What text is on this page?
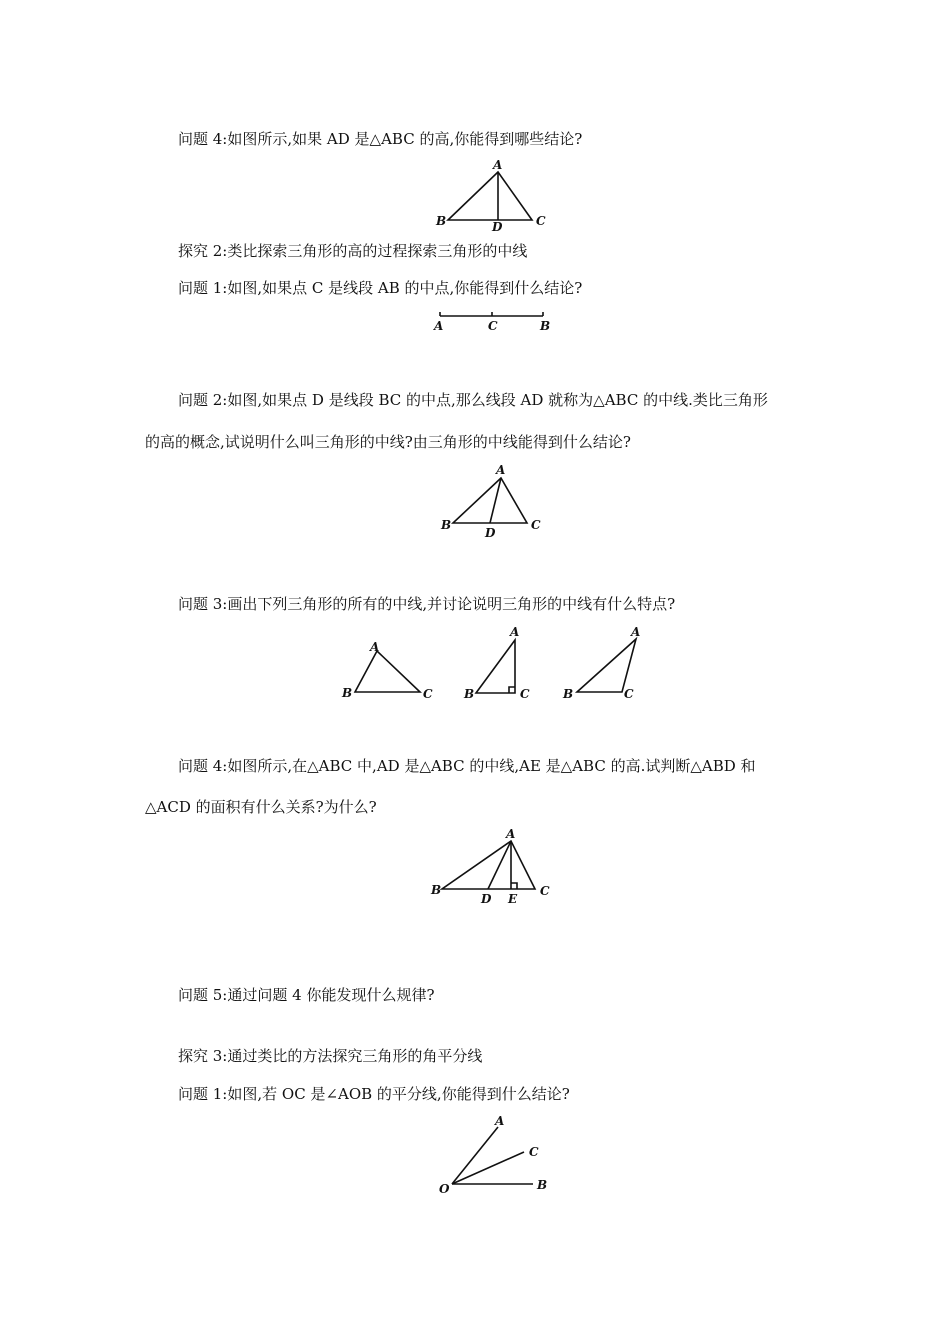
问题 4:如图所示,如果 AD 是△ABC 的高,你能得到哪些结论?
A
B	C
D
探究 2:类比探索三角形的高的过程探索三角形的中线
问题 1:如图,如果点 C 是线段 AB 的中点,你能得到什么结论?
A	C	B
问题 2:如图,如果点 D 是线段 BC 的中点,那么线段 AD 就称为△ABC 的中线.类比三角形
的高的概念,试说明什么叫三角形的中线?由三角形的中线能得到什么结论?
A
B	C
D
问题 3:画出下列三角形的所有的中线,并讨论说明三角形的中线有什么特点?
A
B	C
A
B	C
A
B	C
问题 4:如图所示,在△ABC 中,AD 是△ABC 的中线,AE 是△ABC 的高.试判断△ABD 和
△ACD 的面积有什么关系?为什么?
A
B	C
D E
问题 5:通过问题 4 你能发现什么规律?
探究 3:通过类比的方法探究三角形的角平分线
问题 1:如图,若 OC 是∠AOB 的平分线,你能得到什么结论?
A
C
O	B
